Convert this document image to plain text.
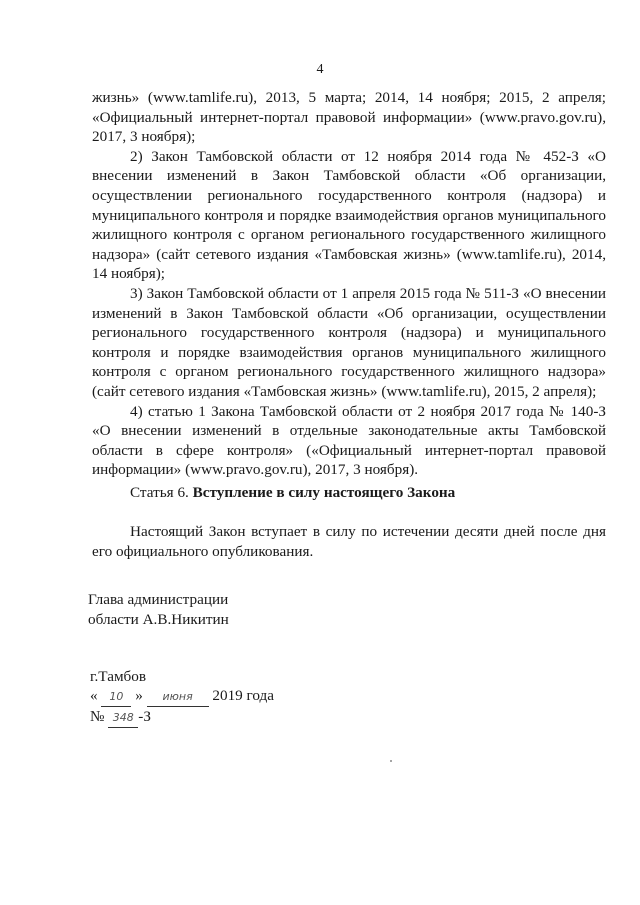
4

жизнь» (www.tamlife.ru), 2013, 5 марта; 2014, 14 ноября; 2015, 2 апреля; «Официальный интернет-портал правовой информации» (www.pravo.gov.ru), 2017, 3 ноября);

2) Закон Тамбовской области от 12 ноября 2014 года № 452-З «О внесении изменений в Закон Тамбовской области «Об организации, осуществлении регионального государственного контроля (надзора) и муниципального контроля и порядке взаимодействия органов муниципального жилищного контроля с органом регионального государственного жилищного надзора» (сайт сетевого издания «Тамбовская жизнь» (www.tamlife.ru), 2014, 14 ноября);

3) Закон Тамбовской области от 1 апреля 2015 года № 511-З «О внесении изменений в Закон Тамбовской области «Об организации, осуществлении регионального государственного контроля (надзора) и муниципального контроля и порядке взаимодействия органов муниципального жилищного контроля с органом регионального государственного жилищного надзора» (сайт сетевого издания «Тамбовская жизнь» (www.tamlife.ru), 2015, 2 апреля);

4) статью 1 Закона Тамбовской области от 2 ноября 2017 года № 140-З «О внесении изменений в отдельные законодательные акты Тамбовской области в сфере контроля» («Официальный интернет-портал правовой информации» (www.pravo.gov.ru), 2017, 3 ноября).

Статья 6. Вступление в силу настоящего Закона

Настоящий Закон вступает в силу по истечении десяти дней после дня его официального опубликования.

Глава администрации
области А.В.Никитин
г.Тамбов
« 10 » июня 2019 года
№ 348 -З
